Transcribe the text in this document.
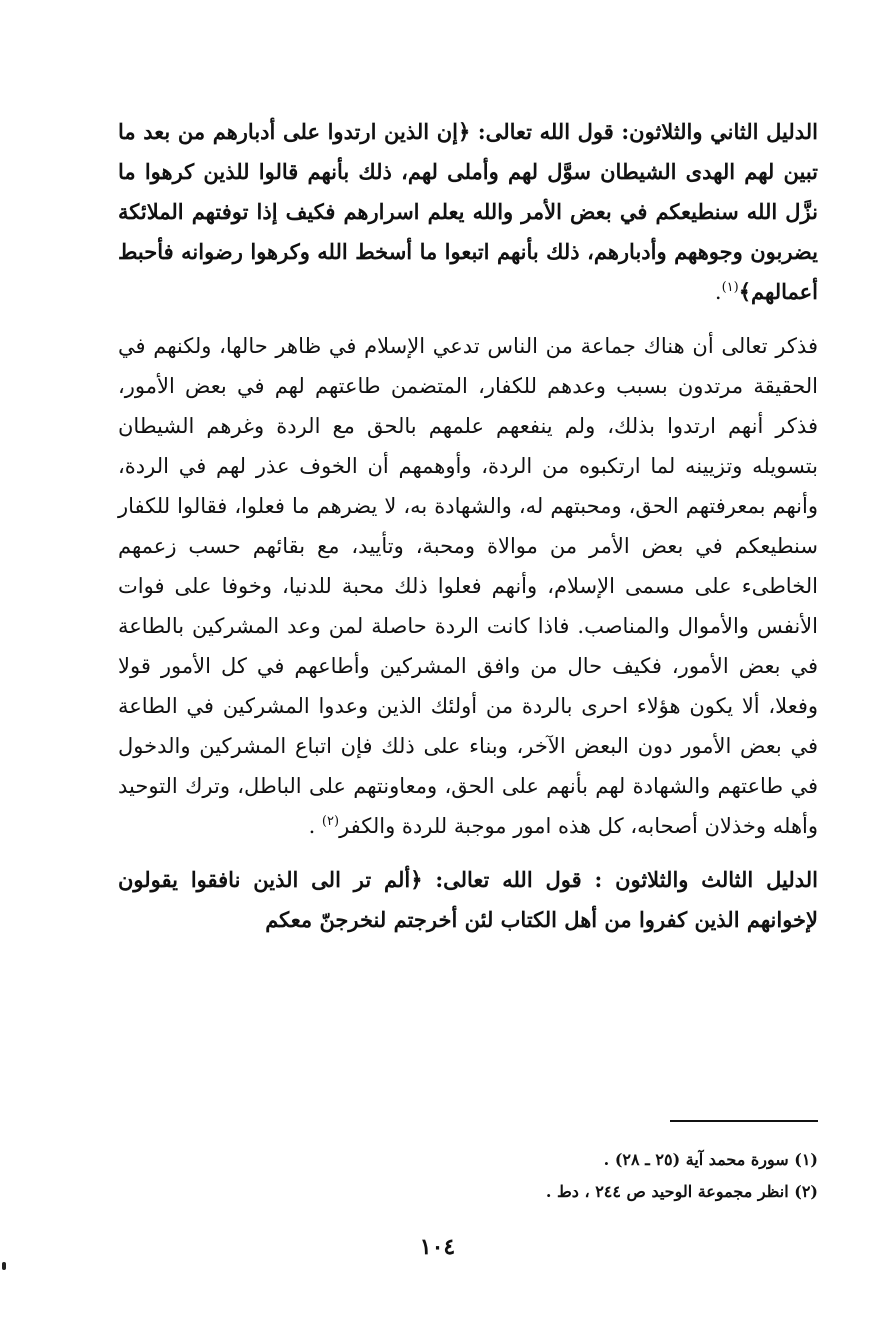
الدليل الثاني والثلاثون: قول الله تعالى: ﴿إن الذين ارتدوا على أدبارهم من بعد ما تبين لهم الهدى الشيطان سوَّل لهم وأملى لهم، ذلك بأنهم قالوا للذين كرهوا ما نزَّل الله سنطيعكم في بعض الأمر والله يعلم اسرارهم فكيف إذا توفتهم الملائكة يضربون وجوههم وأدبارهم، ذلك بأنهم اتبعوا ما أسخط الله وكرهوا رضوانه فأحبط أعمالهم﴾$^{(١)}$.

فذكر تعالى أن هناك جماعة من الناس تدعي الإسلام في ظاهر حالها، ولكنهم في الحقيقة مرتدون بسبب وعدهم للكفار، المتضمن طاعتهم لهم في بعض الأمور، فذكر أنهم ارتدوا بذلك، ولم ينفعهم علمهم بالحق مع الردة وغرهم الشيطان بتسويله وتزيينه لما ارتكبوه من الردة، وأوهمهم أن الخوف عذر لهم في الردة، وأنهم بمعرفتهم الحق، ومحبتهم له، والشهادة به، لا يضرهم ما فعلوا، فقالوا للكفار سنطيعكم في بعض الأمر من موالاة ومحبة، وتأييد، مع بقائهم حسب زعمهم الخاطىء على مسمى الإسلام، وأنهم فعلوا ذلك محبة للدنيا، وخوفا على فوات الأنفس والأموال والمناصب. فاذا كانت الردة حاصلة لمن وعد المشركين بالطاعة في بعض الأمور، فكيف حال من وافق المشركين وأطاعهم في كل الأمور قولا وفعلا، ألا يكون هؤلاء احرى بالردة من أولئك الذين وعدوا المشركين في الطاعة في بعض الأمور دون البعض الآخر، وبناء على ذلك فإن اتباع المشركين والدخول في طاعتهم والشهادة لهم بأنهم على الحق، ومعاونتهم على الباطل، وترك التوحيد وأهله وخذلان أصحابه، كل هذه امور موجبة للردة والكفر$^{(٢)}$ .

الدليل الثالث والثلاثون : قول الله تعالى: ﴿ألم تر الى الذين نافقوا يقولون لإخوانهم الذين كفروا من أهل الكتاب لئن أخرجتم لنخرجنّ معكم

(١) سورة محمد آية (٢٥ ـ ٢٨) .

(٢) انظر مجموعة الوحيد ص ٢٤٤ ، دط .

١٠٤
